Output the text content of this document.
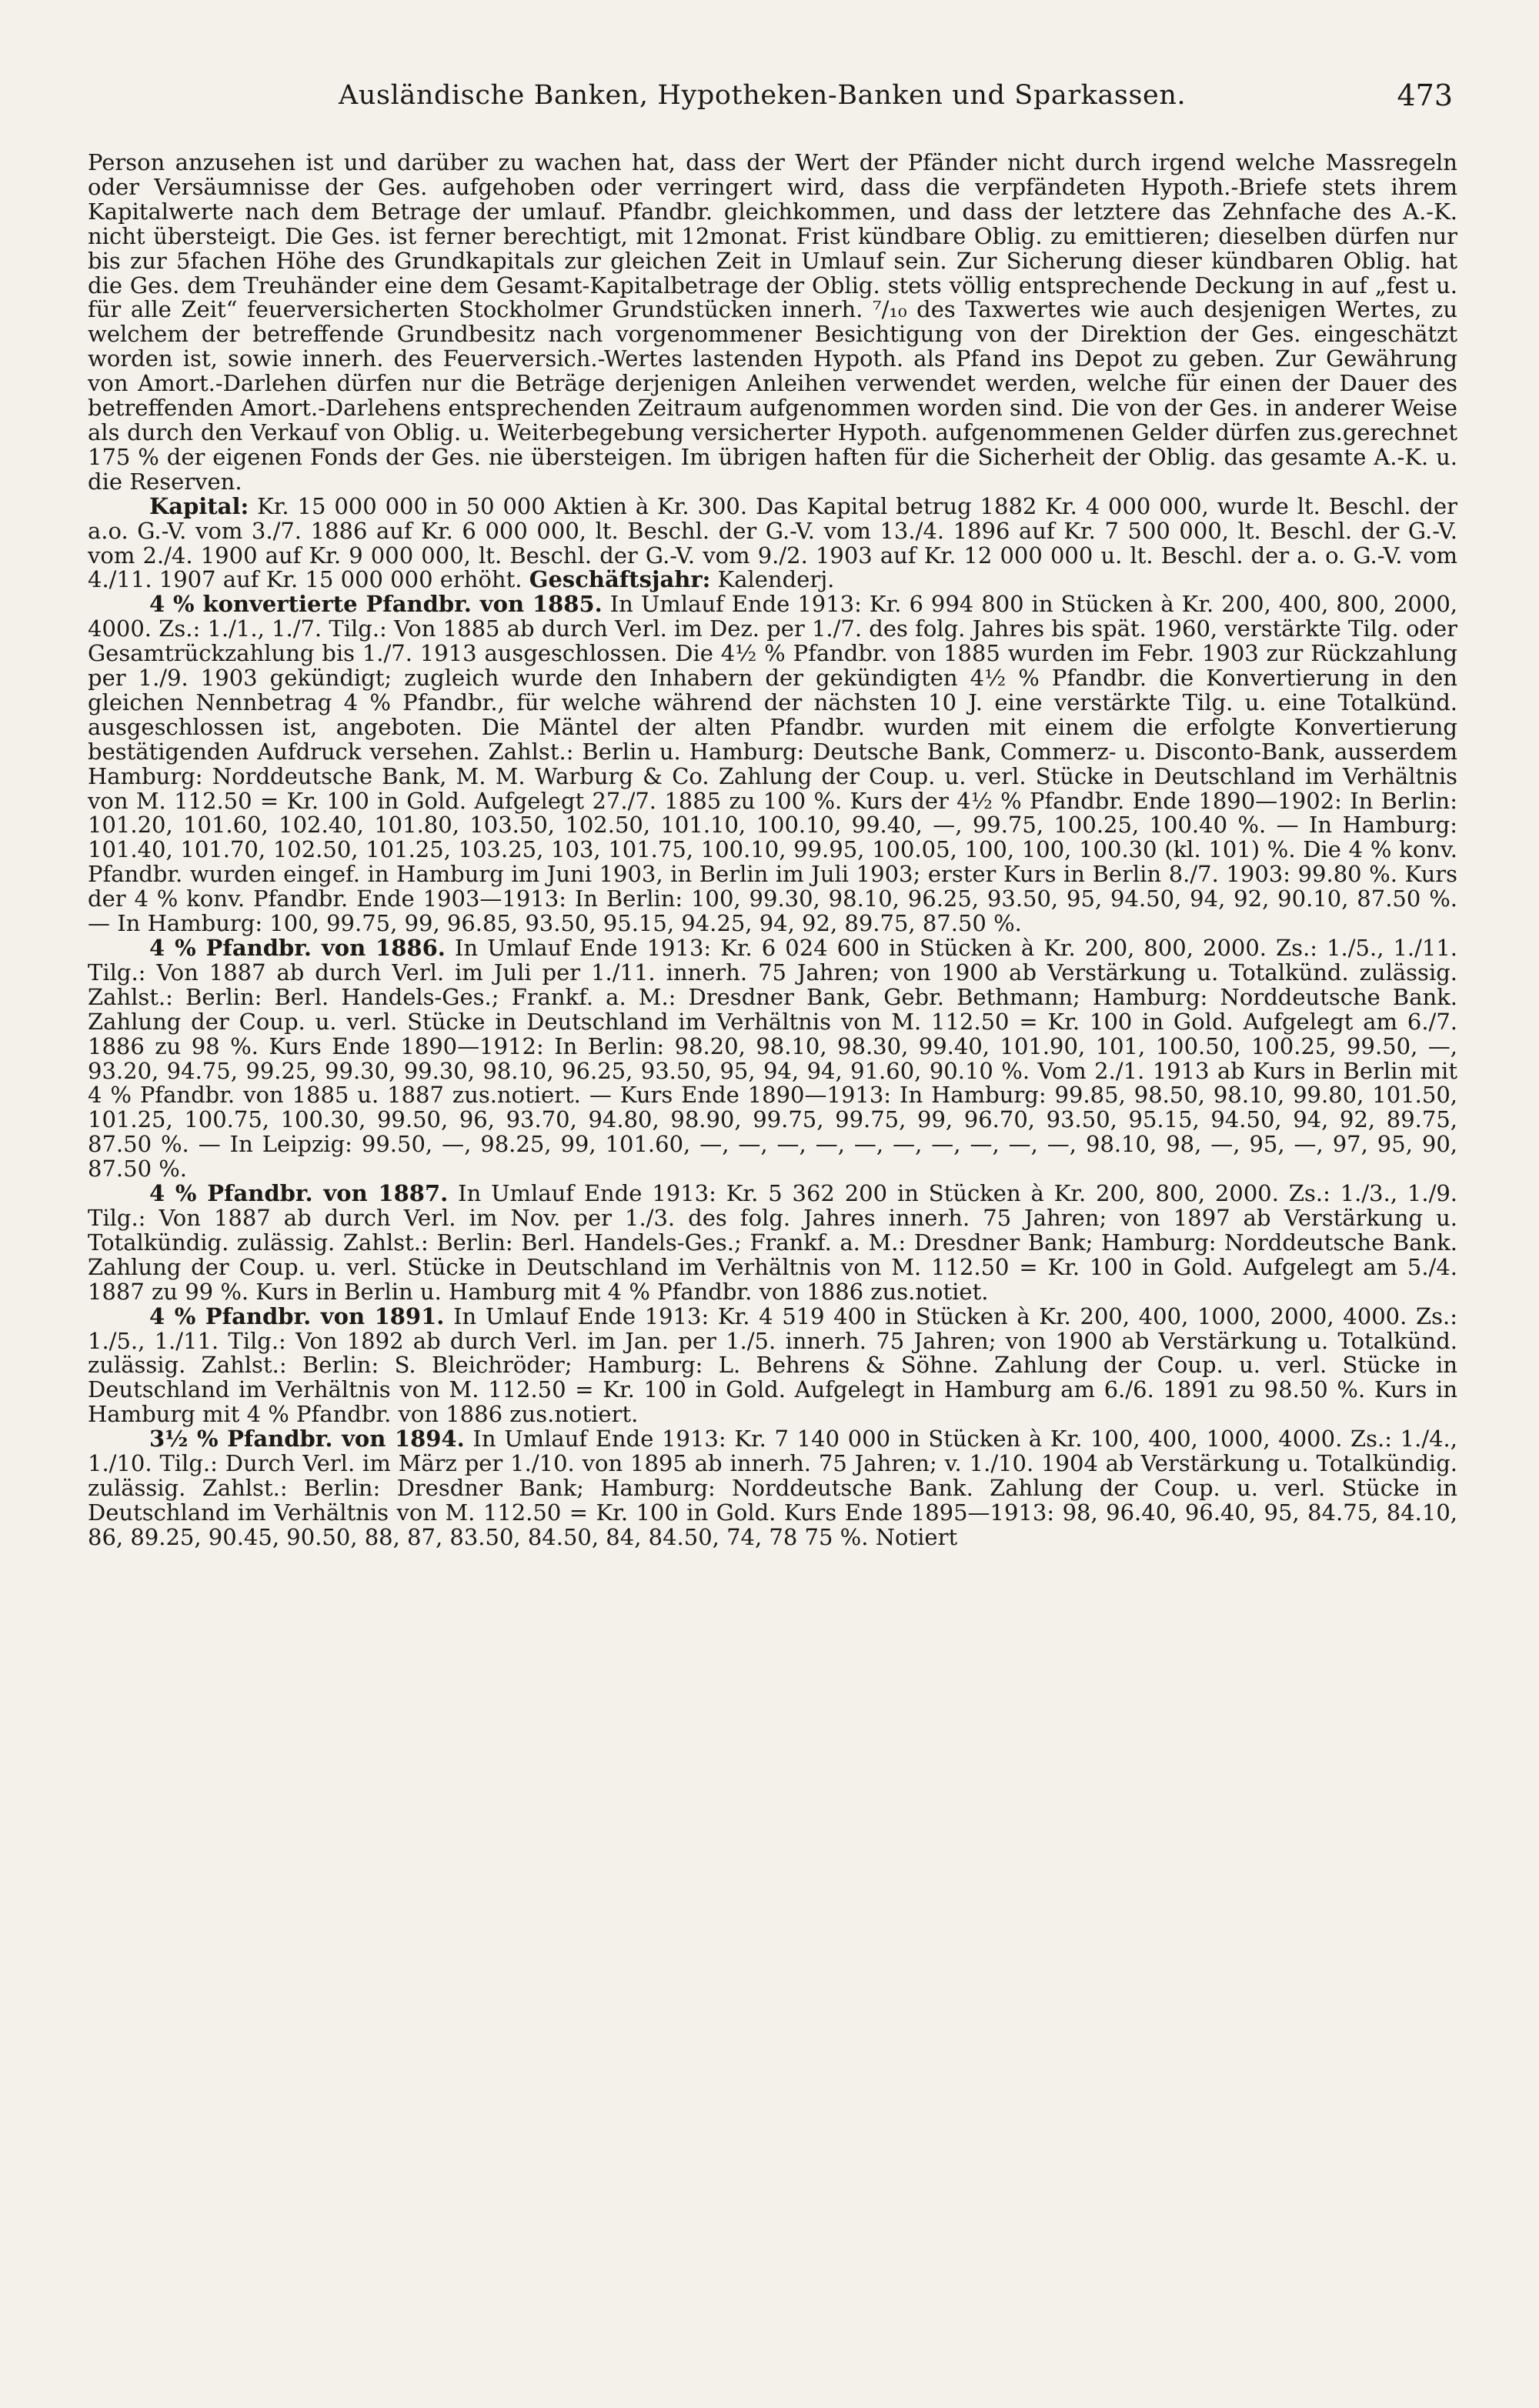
Ausländische Banken, Hypotheken-Banken und Sparkassen.	473

Person anzusehen ist und darüber zu wachen hat, dass der Wert der Pfänder nicht durch irgend welche Massregeln oder Versäumnisse der Ges. aufgehoben oder verringert wird, dass die verpfändeten Hypoth.-Briefe stets ihrem Kapitalwerte nach dem Betrage der umlauf. Pfandbr. gleichkommen, und dass der letztere das Zehnfache des A.-K. nicht übersteigt. Die Ges. ist ferner berechtigt, mit 12monat. Frist kündbare Oblig. zu emittieren; dieselben dürfen nur bis zur 5fachen Höhe des Grundkapitals zur gleichen Zeit in Umlauf sein. Zur Sicherung dieser kündbaren Oblig. hat die Ges. dem Treuhänder eine dem Gesamt-Kapitalbetrage der Oblig. stets völlig entsprechende Deckung in auf „fest u. für alle Zeit“ feuerversicherten Stockholmer Grundstücken innerh. ⁷/₁₀ des Taxwertes wie auch desjenigen Wertes, zu welchem der betreffende Grundbesitz nach vorgenommener Besichtigung von der Direktion der Ges. eingeschätzt worden ist, sowie innerh. des Feuerversich.-Wertes lastenden Hypoth. als Pfand ins Depot zu geben. Zur Gewährung von Amort.-Darlehen dürfen nur die Beträge derjenigen Anleihen verwendet werden, welche für einen der Dauer des betreffenden Amort.-Darlehens entsprechenden Zeitraum aufgenommen worden sind. Die von der Ges. in anderer Weise als durch den Verkauf von Oblig. u. Weiterbegebung versicherter Hypoth. aufgenommenen Gelder dürfen zus.gerechnet 175 % der eigenen Fonds der Ges. nie übersteigen. Im übrigen haften für die Sicherheit der Oblig. das gesamte A.-K. u. die Reserven.

Kapital: Kr. 15 000 000 in 50 000 Aktien à Kr. 300. Das Kapital betrug 1882 Kr. 4 000 000, wurde lt. Beschl. der a.o. G.-V. vom 3./7. 1886 auf Kr. 6 000 000, lt. Beschl. der G.-V. vom 13./4. 1896 auf Kr. 7 500 000, lt. Beschl. der G.-V. vom 2./4. 1900 auf Kr. 9 000 000, lt. Beschl. der G.-V. vom 9./2. 1903 auf Kr. 12 000 000 u. lt. Beschl. der a. o. G.-V. vom 4./11. 1907 auf Kr. 15 000 000 erhöht. Geschäftsjahr: Kalenderj.

4 % konvertierte Pfandbr. von 1885. In Umlauf Ende 1913: Kr. 6 994 800 in Stücken à Kr. 200, 400, 800, 2000, 4000. Zs.: 1./1., 1./7. Tilg.: Von 1885 ab durch Verl. im Dez. per 1./7. des folg. Jahres bis spät. 1960, verstärkte Tilg. oder Gesamtrückzahlung bis 1./7. 1913 ausgeschlossen. Die 4½ % Pfandbr. von 1885 wurden im Febr. 1903 zur Rückzahlung per 1./9. 1903 gekündigt; zugleich wurde den Inhabern der gekündigten 4½ % Pfandbr. die Konvertierung in den gleichen Nennbetrag 4 % Pfandbr., für welche während der nächsten 10 J. eine verstärkte Tilg. u. eine Totalkünd. ausgeschlossen ist, angeboten. Die Mäntel der alten Pfandbr. wurden mit einem die erfolgte Konvertierung bestätigenden Aufdruck versehen. Zahlst.: Berlin u. Hamburg: Deutsche Bank, Commerz- u. Disconto-Bank, ausserdem Hamburg: Norddeutsche Bank, M. M. Warburg & Co. Zahlung der Coup. u. verl. Stücke in Deutschland im Verhältnis von M. 112.50 = Kr. 100 in Gold. Aufgelegt 27./7. 1885 zu 100 %. Kurs der 4½ % Pfandbr. Ende 1890—1902: In Berlin: 101.20, 101.60, 102.40, 101.80, 103.50, 102.50, 101.10, 100.10, 99.40, —, 99.75, 100.25, 100.40 %. — In Hamburg: 101.40, 101.70, 102.50, 101.25, 103.25, 103, 101.75, 100.10, 99.95, 100.05, 100, 100, 100.30 (kl. 101) %. Die 4 % konv. Pfandbr. wurden eingef. in Hamburg im Juni 1903, in Berlin im Juli 1903; erster Kurs in Berlin 8./7. 1903: 99.80 %. Kurs der 4 % konv. Pfandbr. Ende 1903—1913: In Berlin: 100, 99.30, 98.10, 96.25, 93.50, 95, 94.50, 94, 92, 90.10, 87.50 %. — In Hamburg: 100, 99.75, 99, 96.85, 93.50, 95.15, 94.25, 94, 92, 89.75, 87.50 %.

4 % Pfandbr. von 1886. In Umlauf Ende 1913: Kr. 6 024 600 in Stücken à Kr. 200, 800, 2000. Zs.: 1./5., 1./11. Tilg.: Von 1887 ab durch Verl. im Juli per 1./11. innerh. 75 Jahren; von 1900 ab Verstärkung u. Totalkünd. zulässig. Zahlst.: Berlin: Berl. Handels-Ges.; Frankf. a. M.: Dresdner Bank, Gebr. Bethmann; Hamburg: Norddeutsche Bank. Zahlung der Coup. u. verl. Stücke in Deutschland im Verhältnis von M. 112.50 = Kr. 100 in Gold. Aufgelegt am 6./7. 1886 zu 98 %. Kurs Ende 1890—1912: In Berlin: 98.20, 98.10, 98.30, 99.40, 101.90, 101, 100.50, 100.25, 99.50, —, 93.20, 94.75, 99.25, 99.30, 99.30, 98.10, 96.25, 93.50, 95, 94, 94, 91.60, 90.10 %. Vom 2./1. 1913 ab Kurs in Berlin mit 4 % Pfandbr. von 1885 u. 1887 zus.notiert. — Kurs Ende 1890—1913: In Hamburg: 99.85, 98.50, 98.10, 99.80, 101.50, 101.25, 100.75, 100.30, 99.50, 96, 93.70, 94.80, 98.90, 99.75, 99.75, 99, 96.70, 93.50, 95.15, 94.50, 94, 92, 89.75, 87.50 %. — In Leipzig: 99.50, —, 98.25, 99, 101.60, —, —, —, —, —, —, —, —, —, —, 98.10, 98, —, 95, —, 97, 95, 90, 87.50 %.

4 % Pfandbr. von 1887. In Umlauf Ende 1913: Kr. 5 362 200 in Stücken à Kr. 200, 800, 2000. Zs.: 1./3., 1./9. Tilg.: Von 1887 ab durch Verl. im Nov. per 1./3. des folg. Jahres innerh. 75 Jahren; von 1897 ab Verstärkung u. Totalkündig. zulässig. Zahlst.: Berlin: Berl. Handels-Ges.; Frankf. a. M.: Dresdner Bank; Hamburg: Norddeutsche Bank. Zahlung der Coup. u. verl. Stücke in Deutschland im Verhältnis von M. 112.50 = Kr. 100 in Gold. Aufgelegt am 5./4. 1887 zu 99 %. Kurs in Berlin u. Hamburg mit 4 % Pfandbr. von 1886 zus.notiet.

4 % Pfandbr. von 1891. In Umlauf Ende 1913: Kr. 4 519 400 in Stücken à Kr. 200, 400, 1000, 2000, 4000. Zs.: 1./5., 1./11. Tilg.: Von 1892 ab durch Verl. im Jan. per 1./5. innerh. 75 Jahren; von 1900 ab Verstärkung u. Totalkünd. zulässig. Zahlst.: Berlin: S. Bleichröder; Hamburg: L. Behrens & Söhne. Zahlung der Coup. u. verl. Stücke in Deutschland im Verhältnis von M. 112.50 = Kr. 100 in Gold. Aufgelegt in Hamburg am 6./6. 1891 zu 98.50 %. Kurs in Hamburg mit 4 % Pfandbr. von 1886 zus.notiert.

3½ % Pfandbr. von 1894. In Umlauf Ende 1913: Kr. 7 140 000 in Stücken à Kr. 100, 400, 1000, 4000. Zs.: 1./4., 1./10. Tilg.: Durch Verl. im März per 1./10. von 1895 ab innerh. 75 Jahren; v. 1./10. 1904 ab Verstärkung u. Totalkündig. zulässig. Zahlst.: Berlin: Dresdner Bank; Hamburg: Norddeutsche Bank. Zahlung der Coup. u. verl. Stücke in Deutschland im Verhältnis von M. 112.50 = Kr. 100 in Gold. Kurs Ende 1895—1913: 98, 96.40, 96.40, 95, 84.75, 84.10, 86, 89.25, 90.45, 90.50, 88, 87, 83.50, 84.50, 84, 84.50, 74, 78 75 %. Notiert
